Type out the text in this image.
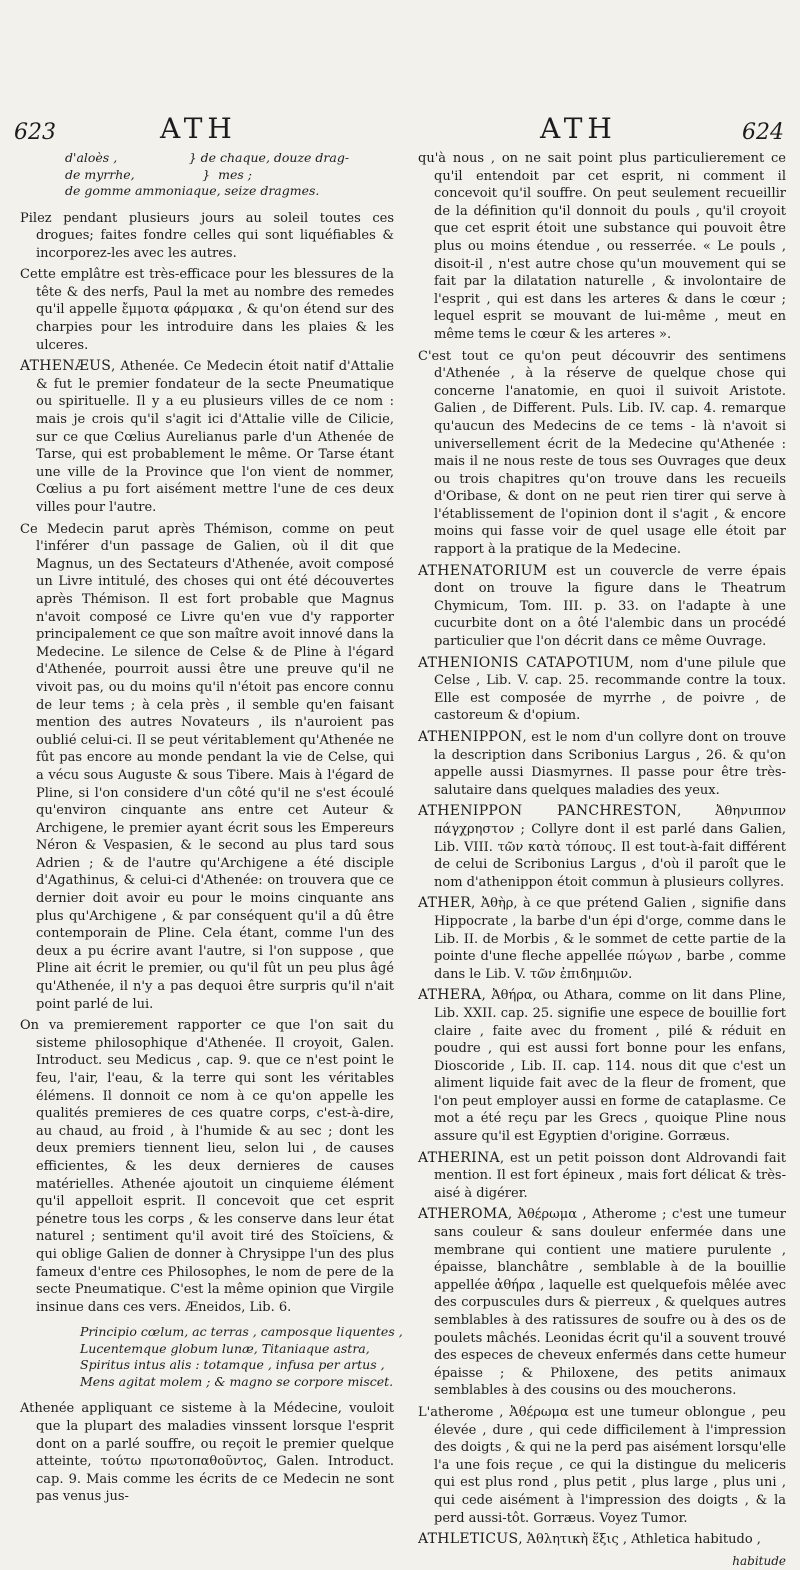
623	ATH	ATH	624
d'aloès ,                  } de chaque, douze drag-
de myrrhe,                 }  mes ;
de gomme ammoniaque, seize dragmes.

Pilez pendant plusieurs jours au soleil toutes ces drogues; faites fondre celles qui sont liquéfiables & incorporez-les avec les autres.

Cette emplâtre est très-efficace pour les blessures de la tête & des nerfs, Paul la met au nombre des remedes qu'il appelle ἔμμοτα φάρμακα , & qu'on étend sur des charpies pour les introduire dans les plaies & les ulceres.

ATHENÆUS, Athenée. Ce Medecin étoit natif d'Attalie & fut le premier fondateur de la secte Pneumatique ou spirituelle. Il y a eu plusieurs villes de ce nom : mais je crois qu'il s'agit ici d'Attalie ville de Cilicie, sur ce que Cœlius Aurelianus parle d'un Athenée de Tarse, qui est probablement le même. Or Tarse étant une ville de la Province que l'on vient de nommer, Cœlius a pu fort aisément mettre l'une de ces deux villes pour l'autre.

Ce Medecin parut après Thémison, comme on peut l'inférer d'un passage de Galien, où il dit que Magnus, un des Sectateurs d'Athenée, avoit composé un Livre intitulé, des choses qui ont été découvertes après Thémison. Il est fort probable que Magnus n'avoit composé ce Livre qu'en vue d'y rapporter principalement ce que son maître avoit innové dans la Medecine. Le silence de Celse & de Pline à l'égard d'Athenée, pourroit aussi être une preuve qu'il ne vivoit pas, ou du moins qu'il n'étoit pas encore connu de leur tems ; à cela près , il semble qu'en faisant mention des autres Novateurs , ils n'auroient pas oublié celui-ci. Il se peut véritablement qu'Athenée ne fût pas encore au monde pendant la vie de Celse, qui a vécu sous Auguste & sous Tibere. Mais à l'égard de Pline, si l'on considere d'un côté qu'il ne s'est écoulé qu'environ cinquante ans entre cet Auteur & Archigene, le premier ayant écrit sous les Empereurs Néron & Vespasien, & le second au plus tard sous Adrien ; & de l'autre qu'Archigene a été disciple d'Agathinus, & celui-ci d'Athenée: on trouvera que ce dernier doit avoir eu pour le moins cinquante ans plus qu'Archigene , & par conséquent qu'il a dû être contemporain de Pline. Cela étant, comme l'un des deux a pu écrire avant l'autre, si l'on suppose , que Pline ait écrit le premier, ou qu'il fût un peu plus âgé qu'Athenée, il n'y a pas dequoi être surpris qu'il n'ait point parlé de lui.

On va premierement rapporter ce que l'on sait du sisteme philosophique d'Athenée. Il croyoit, Galen. Introduct. seu Medicus , cap. 9. que ce n'est point le feu, l'air, l'eau, & la terre qui sont les véritables élémens. Il donnoit ce nom à ce qu'on appelle les qualités premieres de ces quatre corps, c'est-à-dire, au chaud, au froid , à l'humide & au sec ; dont les deux premiers tiennent lieu, selon lui , de causes efficientes, & les deux dernieres de causes matérielles. Athenée ajoutoit un cinquieme élément qu'il appelloit esprit. Il concevoit que cet esprit pénetre tous les corps , & les conserve dans leur état naturel ; sentiment qu'il avoit tiré des Stoïciens, & qui oblige Galien de donner à Chrysippe l'un des plus fameux d'entre ces Philosophes, le nom de pere de la secte Pneumatique. C'est la même opinion que Virgile insinue dans ces vers. Æneidos, Lib. 6.

Principio cœlum, ac terras , camposque liquentes ,
Lucentemque globum lunæ, Titaniaque astra,
Spiritus intus alis : totamque , infusa per artus ,
Mens agitat molem ; & magno se corpore miscet.

Athenée appliquant ce sisteme à la Médecine, vouloit que la plupart des maladies vinssent lorsque l'esprit dont on a parlé souffre, ou reçoit le premier quelque atteinte, τούτω πρωτοπαθοῦντος, Galen. Introduct. cap. 9. Mais comme les écrits de ce Medecin ne sont pas venus jus-

qu'à nous , on ne sait point plus particulierement ce qu'il entendoit par cet esprit, ni comment il concevoit qu'il souffre. On peut seulement recueillir de la définition qu'il donnoit du pouls , qu'il croyoit que cet esprit étoit une substance qui pouvoit être plus ou moins étendue , ou resserrée. « Le pouls , disoit-il , n'est autre chose qu'un mouvement qui se fait par la dilatation naturelle , & involontaire de l'esprit , qui est dans les arteres & dans le cœur ; lequel esprit se mouvant de lui-même , meut en même tems le cœur & les arteres ».

C'est tout ce qu'on peut découvrir des sentimens d'Athenée , à la réserve de quelque chose qui concerne l'anatomie, en quoi il suivoit Aristote. Galien , de Different. Puls. Lib. IV. cap. 4. remarque qu'aucun des Medecins de ce tems - là n'avoit si universellement écrit de la Medecine qu'Athenée : mais il ne nous reste de tous ses Ouvrages que deux ou trois chapitres qu'on trouve dans les recueils d'Oribase, & dont on ne peut rien tirer qui serve à l'établissement de l'opinion dont il s'agit , & encore moins qui fasse voir de quel usage elle étoit par rapport à la pratique de la Medecine.

ATHENATORIUM est un couvercle de verre épais dont on trouve la figure dans le Theatrum Chymicum, Tom. III. p. 33. on l'adapte à une cucurbite dont on a ôté l'alembic dans un procédé particulier que l'on décrit dans ce même Ouvrage.

ATHENIONIS CATAPOTIUM, nom d'une pilule que Celse , Lib. V. cap. 25. recommande contre la toux. Elle est composée de myrrhe , de poivre , de castoreum & d'opium.

ATHENIPPON, est le nom d'un collyre dont on trouve la description dans Scribonius Largus , 26. & qu'on appelle aussi Diasmyrnes. Il passe pour être très-salutaire dans quelques maladies des yeux.

ATHENIPPON PANCHRESTON, Ἀθηνιππον πάγχρηστον ; Collyre dont il est parlé dans Galien, Lib. VIII. τῶν κατὰ τόπους. Il est tout-à-fait différent de celui de Scribonius Largus , d'où il paroît que le nom d'athenippon étoit commun à plusieurs collyres.

ATHER, Ἀθὴρ, à ce que prétend Galien , signifie dans Hippocrate , la barbe d'un épi d'orge, comme dans le Lib. II. de Morbis , & le sommet de cette partie de la pointe d'une fleche appellée πώγων , barbe , comme dans le Lib. V. τῶν ἐπιδημιῶν.

ATHERA, Ἀθήρα, ou Athara, comme on lit dans Pline, Lib. XXII. cap. 25. signifie une espece de bouillie fort claire , faite avec du froment , pilé & réduit en poudre , qui est aussi fort bonne pour les enfans, Dioscoride , Lib. II. cap. 114. nous dit que c'est un aliment liquide fait avec de la fleur de froment, que l'on peut employer aussi en forme de cataplasme. Ce mot a été reçu par les Grecs , quoique Pline nous assure qu'il est Egyptien d'origine. Gorræus.

ATHERINA, est un petit poisson dont Aldrovandi fait mention. Il est fort épineux , mais fort délicat & très-aisé à digérer.

ATHEROMA, Ἀθέρωμα , Atherome ; c'est une tumeur sans couleur & sans douleur enfermée dans une membrane qui contient une matiere purulente , épaisse, blanchâtre , semblable à de la bouillie appellée ἀθήρα , laquelle est quelquefois mêlée avec des corpuscules durs & pierreux , & quelques autres semblables à des ratissures de soufre ou à des os de poulets mâchés. Leonidas écrit qu'il a souvent trouvé des especes de cheveux enfermés dans cette humeur épaisse ; & Philoxene, des petits animaux semblables à des cousins ou des moucherons.

L'atherome , Ἀθέρωμα est une tumeur oblongue , peu élevée , dure , qui cede difficilement à l'impression des doigts , & qui ne la perd pas aisément lorsqu'elle l'a une fois reçue , ce qui la distingue du meliceris qui est plus rond , plus petit , plus large , plus uni , qui cede aisément à l'impression des doigts , & la perd aussi-tôt. Gorræus. Voyez Tumor.

ATHLETICUS, Ἀθλητικὴ ἕξις , Athletica habitudo ,

habitude
